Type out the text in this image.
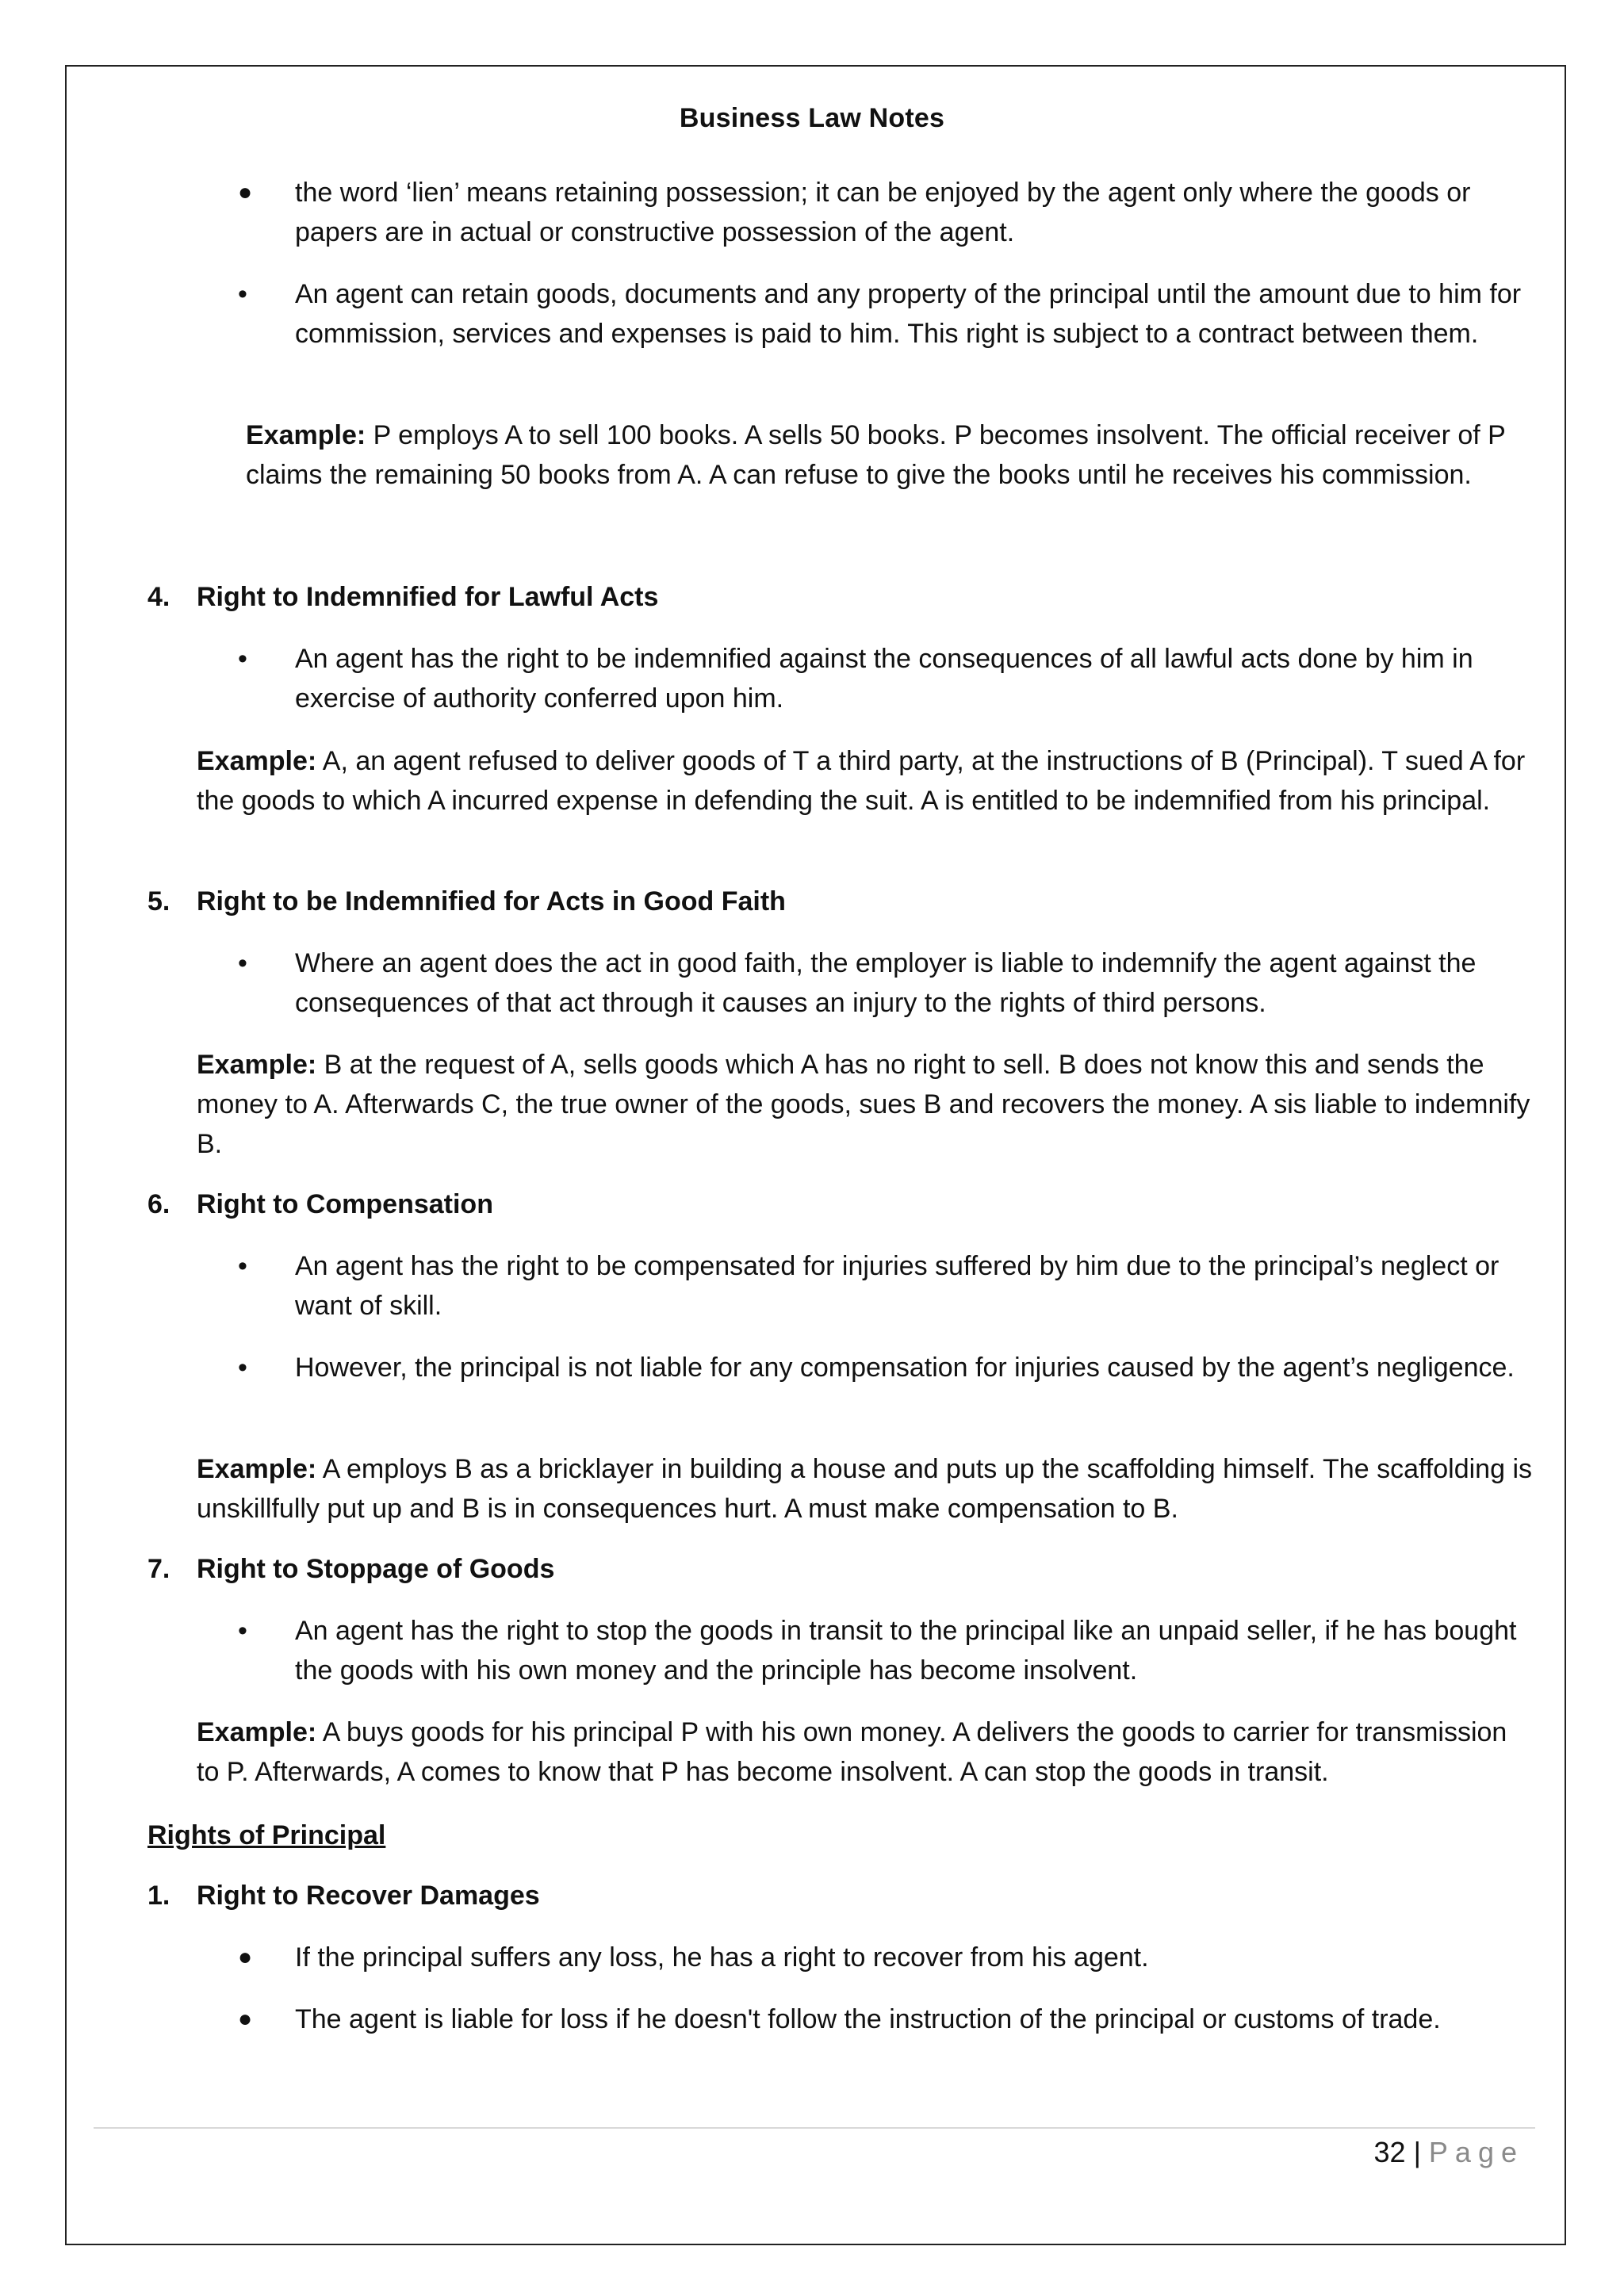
Business Law Notes
●	the word ‘lien’ means retaining possession; it can be enjoyed by the agent only where the goods or papers are in actual or constructive possession of the agent.
•	An agent can retain goods, documents and any property of the principal until the amount due to him for commission, services and expenses is paid to him. This right is subject to a contract between them.
Example: P employs A to sell 100 books. A sells 50 books. P becomes insolvent. The official receiver of P claims the remaining 50 books from A. A can refuse to give the books until he receives his commission.
4. Right to Indemnified for Lawful Acts
•	An agent has the right to be indemnified against the consequences of all lawful acts done by him in exercise of authority conferred upon him.
Example: A, an agent refused to deliver goods of T a third party, at the instructions of B (Principal). T sued A for the goods to which A incurred expense in defending the suit. A is entitled to be indemnified from his principal.
5. Right to be Indemnified for Acts in Good Faith
•	Where an agent does the act in good faith, the employer is liable to indemnify the agent against the consequences of that act through it causes an injury to the rights of third persons.
Example: B at the request of A, sells goods which A has no right to sell. B does not know this and sends the money to A. Afterwards C, the true owner of the goods, sues B and recovers the money. A sis liable to indemnify B.
6. Right to Compensation
•	An agent has the right to be compensated for injuries suffered by him due to the principal’s neglect or want of skill.
•	However, the principal is not liable for any compensation for injuries caused by the agent’s negligence.
Example: A employs B as a bricklayer in building a house and puts up the scaffolding himself. The scaffolding is unskillfully put up and B is in consequences hurt. A must make compensation to B.
7. Right to Stoppage of Goods
•	An agent has the right to stop the goods in transit to the principal like an unpaid seller, if he has bought the goods with his own money and the principle has become insolvent.
Example: A buys goods for his principal P with his own money. A delivers the goods to carrier for transmission to P. Afterwards, A comes to know that P has become insolvent. A can stop the goods in transit.
Rights of Principal
1. Right to Recover Damages
●	If the principal suffers any loss, he has a right to recover from his agent.
●	The agent is liable for loss if he doesn't follow the instruction of the principal or customs of trade.
32 | Page
